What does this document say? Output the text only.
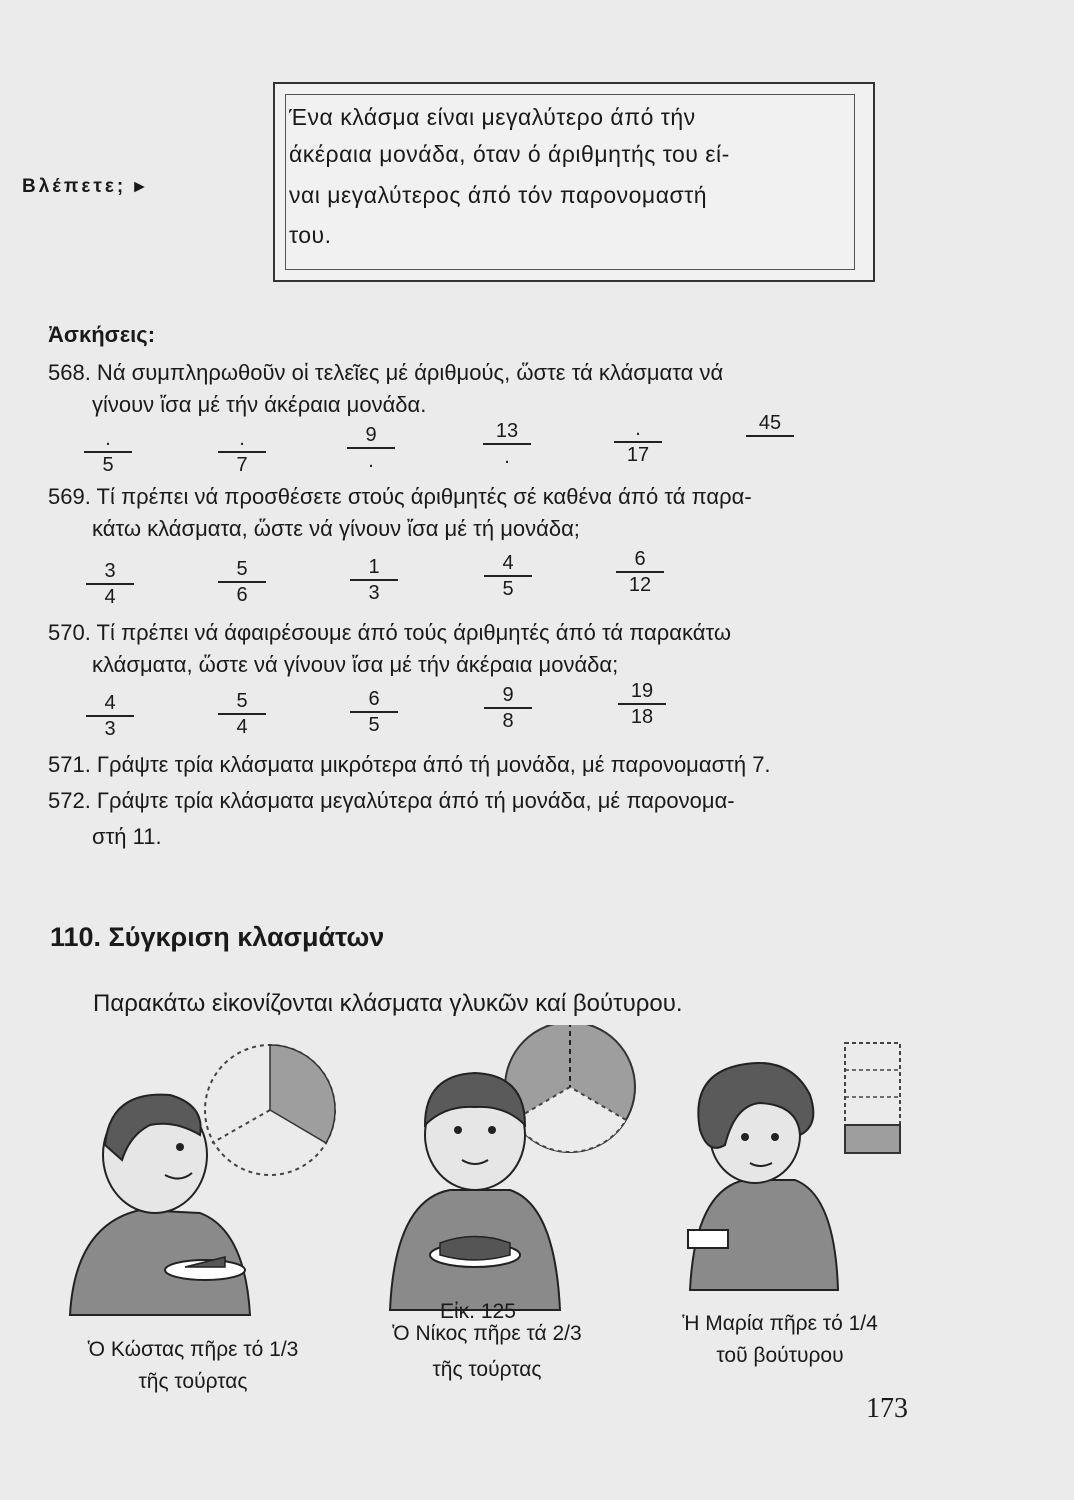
Ένα κλάσμα είναι μεγαλύτερο άπό τήν
άκέραια μονάδα, όταν ό άριθμητής του εί-
ναι μεγαλύτερος άπό τόν παρονομαστή
του.
Βλέπετε; ▸
Ἀσκήσεις:
568. Νά συμπληρωθοῦν οἱ τελεῖες μέ άριθμούς, ὥστε τά κλάσματα νά
γίνουν ἴσα μέ τήν άκέραια μονάδα.
.
5
.
7
9
.
13
.
.
17
45
569. Τί πρέπει νά προσθέσετε στούς άριθμητές σέ καθένα άπό τά παρα-
κάτω κλάσματα, ὥστε νά γίνουν ἴσα μέ τή μονάδα;
3
4
5
6
1
3
4
5
6
12
570. Τί πρέπει νά άφαιρέσουμε άπό τούς άριθμητές άπό τά παρακάτω
κλάσματα, ὥστε νά γίνουν ἴσα μέ τήν άκέραια μονάδα;
4
3
5
4
6
5
9
8
19
18
571. Γράψτε τρία κλάσματα μικρότερα άπό τή μονάδα, μέ παρονομαστή 7.
572. Γράψτε τρία κλάσματα μεγαλύτερα άπό τή μονάδα, μέ παρονομα-
στή 11.
110. Σύγκριση κλασμάτων
Παρακάτω εἰκονίζονται κλάσματα γλυκῶν καί βούτυρου.
Εἰκ. 125
Ὁ Κώστας πῆρε τό 1/3
τῆς τούρτας
Ὁ Νίκος πῆρε τά 2/3
τῆς τούρτας
Ἡ Μαρία πῆρε τό 1/4
τοῦ βούτυρου
173
